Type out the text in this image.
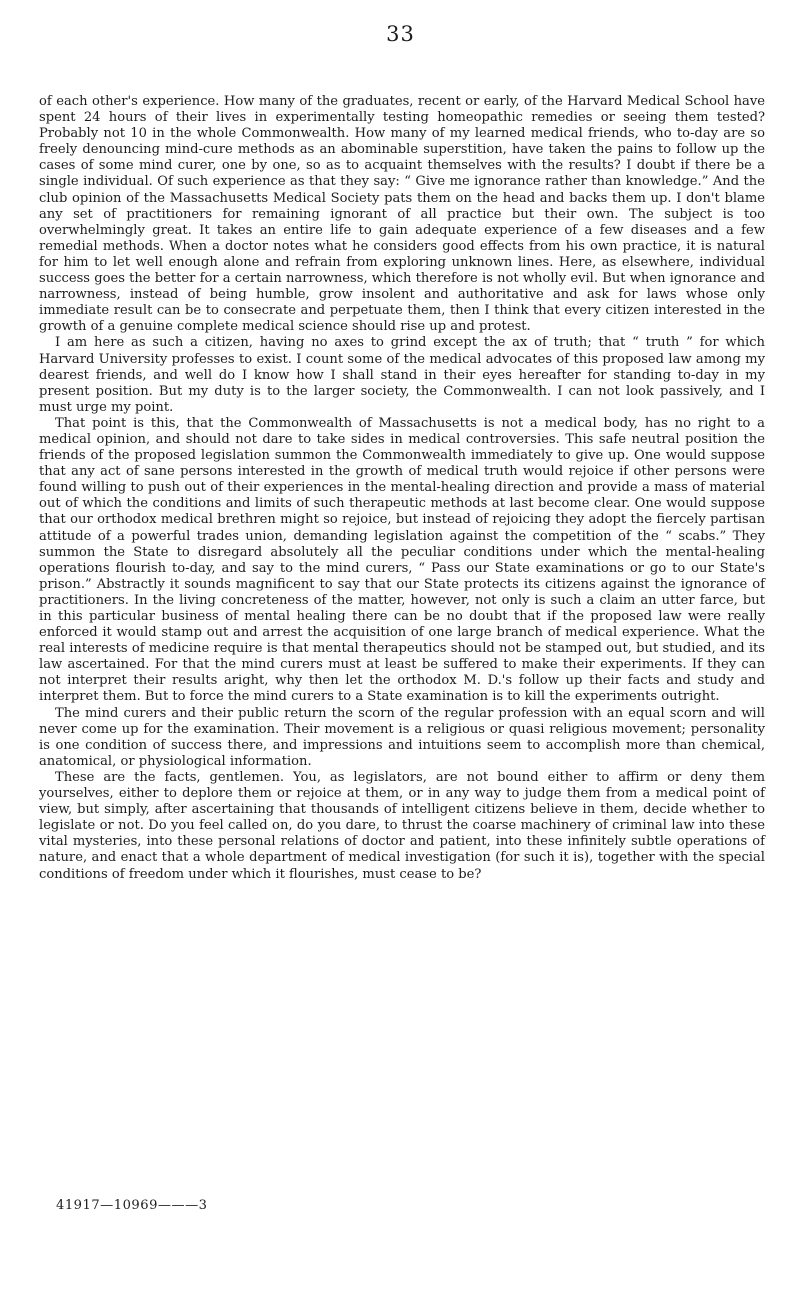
33

of each other's experience. How many of the graduates, recent or early, of the Harvard Medical School have spent 24 hours of their lives in experimentally testing homeopathic remedies or seeing them tested? Probably not 10 in the whole Commonwealth. How many of my learned medical friends, who to-day are so freely denouncing mind-cure methods as an abominable superstition, have taken the pains to follow up the cases of some mind curer, one by one, so as to acquaint themselves with the results? I doubt if there be a single individual. Of such experience as that they say: “ Give me ignorance rather than knowledge.” And the club opinion of the Massachusetts Medical Society pats them on the head and backs them up. I don't blame any set of practitioners for remaining ignorant of all practice but their own. The subject is too overwhelmingly great. It takes an entire life to gain adequate experience of a few diseases and a few remedial methods. When a doctor notes what he considers good effects from his own practice, it is natural for him to let well enough alone and refrain from exploring unknown lines. Here, as elsewhere, individual success goes the better for a certain narrowness, which therefore is not wholly evil. But when ignorance and narrowness, instead of being humble, grow insolent and authoritative and ask for laws whose only immediate result can be to consecrate and perpetuate them, then I think that every citizen interested in the growth of a genuine complete medical science should rise up and protest.

I am here as such a citizen, having no axes to grind except the ax of truth; that “ truth ” for which Harvard University professes to exist. I count some of the medical advocates of this proposed law among my dearest friends, and well do I know how I shall stand in their eyes hereafter for standing to-day in my present position. But my duty is to the larger society, the Commonwealth. I can not look passively, and I must urge my point.

That point is this, that the Commonwealth of Massachusetts is not a medical body, has no right to a medical opinion, and should not dare to take sides in medical controversies. This safe neutral position the friends of the proposed legislation summon the Commonwealth immediately to give up. One would suppose that any act of sane persons interested in the growth of medical truth would rejoice if other persons were found willing to push out of their experiences in the mental-healing direction and provide a mass of material out of which the conditions and limits of such therapeutic methods at last become clear. One would suppose that our orthodox medical brethren might so rejoice, but instead of rejoicing they adopt the fiercely partisan attitude of a powerful trades union, demanding legislation against the competition of the “ scabs.” They summon the State to disregard absolutely all the peculiar conditions under which the mental-healing operations flourish to-day, and say to the mind curers, “ Pass our State examinations or go to our State's prison.” Abstractly it sounds magnificent to say that our State protects its citizens against the ignorance of practitioners. In the living concreteness of the matter, however, not only is such a claim an utter farce, but in this particular business of mental healing there can be no doubt that if the proposed law were really enforced it would stamp out and arrest the acquisition of one large branch of medical experience. What the real interests of medicine require is that mental therapeutics should not be stamped out, but studied, and its law ascertained. For that the mind curers must at least be suffered to make their experiments. If they can not interpret their results aright, why then let the orthodox M. D.'s follow up their facts and study and interpret them. But to force the mind curers to a State examination is to kill the experiments outright.

The mind curers and their public return the scorn of the regular profession with an equal scorn and will never come up for the examination. Their movement is a religious or quasi religious movement; personality is one condition of success there, and impressions and intuitions seem to accomplish more than chemical, anatomical, or physiological information.

These are the facts, gentlemen. You, as legislators, are not bound either to affirm or deny them yourselves, either to deplore them or rejoice at them, or in any way to judge them from a medical point of view, but simply, after ascertaining that thousands of intelligent citizens believe in them, decide whether to legislate or not. Do you feel called on, do you dare, to thrust the coarse machinery of criminal law into these vital mysteries, into these personal relations of doctor and patient, into these infinitely subtle operations of nature, and enact that a whole department of medical investigation (for such it is), together with the special conditions of freedom under which it flourishes, must cease to be?

41917—10969———3
